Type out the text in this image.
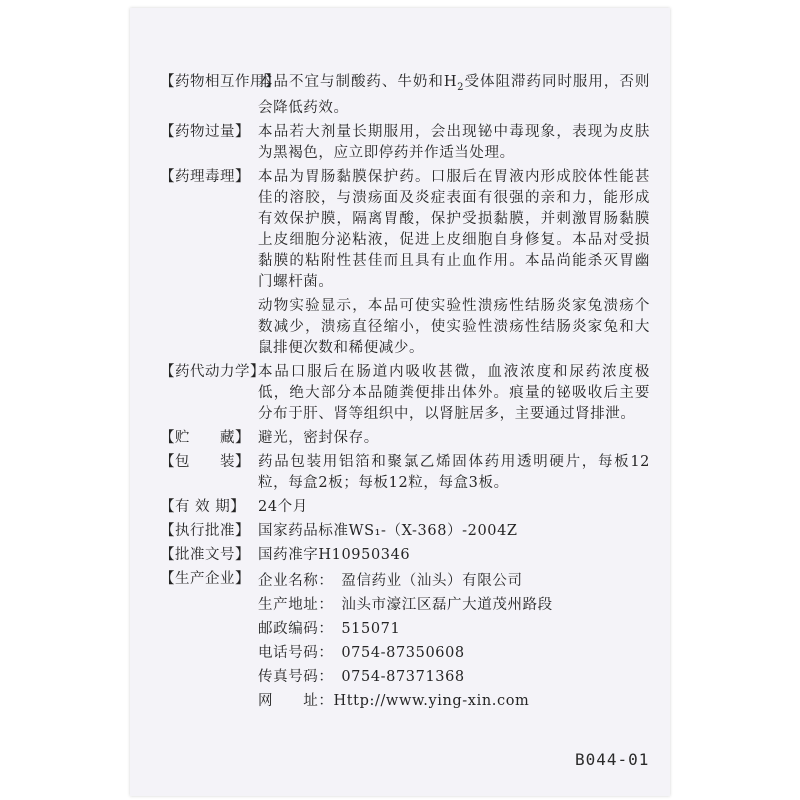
【药物相互作用】
本品不宜与制酸药、牛奶和$H_2$受体阻滞药同时服用，否则会降低药效。
【药物过量】 本品若大剂量长期服用，会出现铋中毒现象，表现为皮肤为黑褐色，应立即停药并作适当处理。
【药理毒理】 本品为胃肠黏膜保护药。口服后在胃液内形成胶体性能甚佳的溶胶，与溃疡面及炎症表面有很强的亲和力，能形成有效保护膜，隔离胃酸，保护受损黏膜，并刺激胃肠黏膜上皮细胞分泌粘液，促进上皮细胞自身修复。本品对受损黏膜的粘附性甚佳而且具有止血作用。本品尚能杀灭胃幽门螺杆菌。
动物实验显示，本品可使实验性溃疡性结肠炎家兔溃疡个数减少，溃疡直径缩小，使实验性溃疡性结肠炎家兔和大鼠排便次数和稀便减少。
【药代动力学】
本品口服后在肠道内吸收甚微，血液浓度和尿药浓度极低，绝大部分本品随粪便排出体外。痕量的铋吸收后主要分布于肝、肾等组织中，以肾脏居多，主要通过肾排泄。
【贮　　藏】 避光，密封保存。
【包　　装】 药品包装用铝箔和聚氯乙烯固体药用透明硬片，每板12粒，每盒2板；每板12粒，每盒3板。
【有 效 期】 24个月
【执行批准】 国家药品标准WS₁-（X-368）-2004Z
【批准文号】 国药准字H10950346
【生产企业】 企业名称：　盈信药业（汕头）有限公司
生产地址：　汕头市濠江区磊广大道茂州路段
邮政编码：　515071
电话号码：　0754-87350608
传真号码：　0754-87371368
网　　址：Http://www.ying-xin.com
B044-01
